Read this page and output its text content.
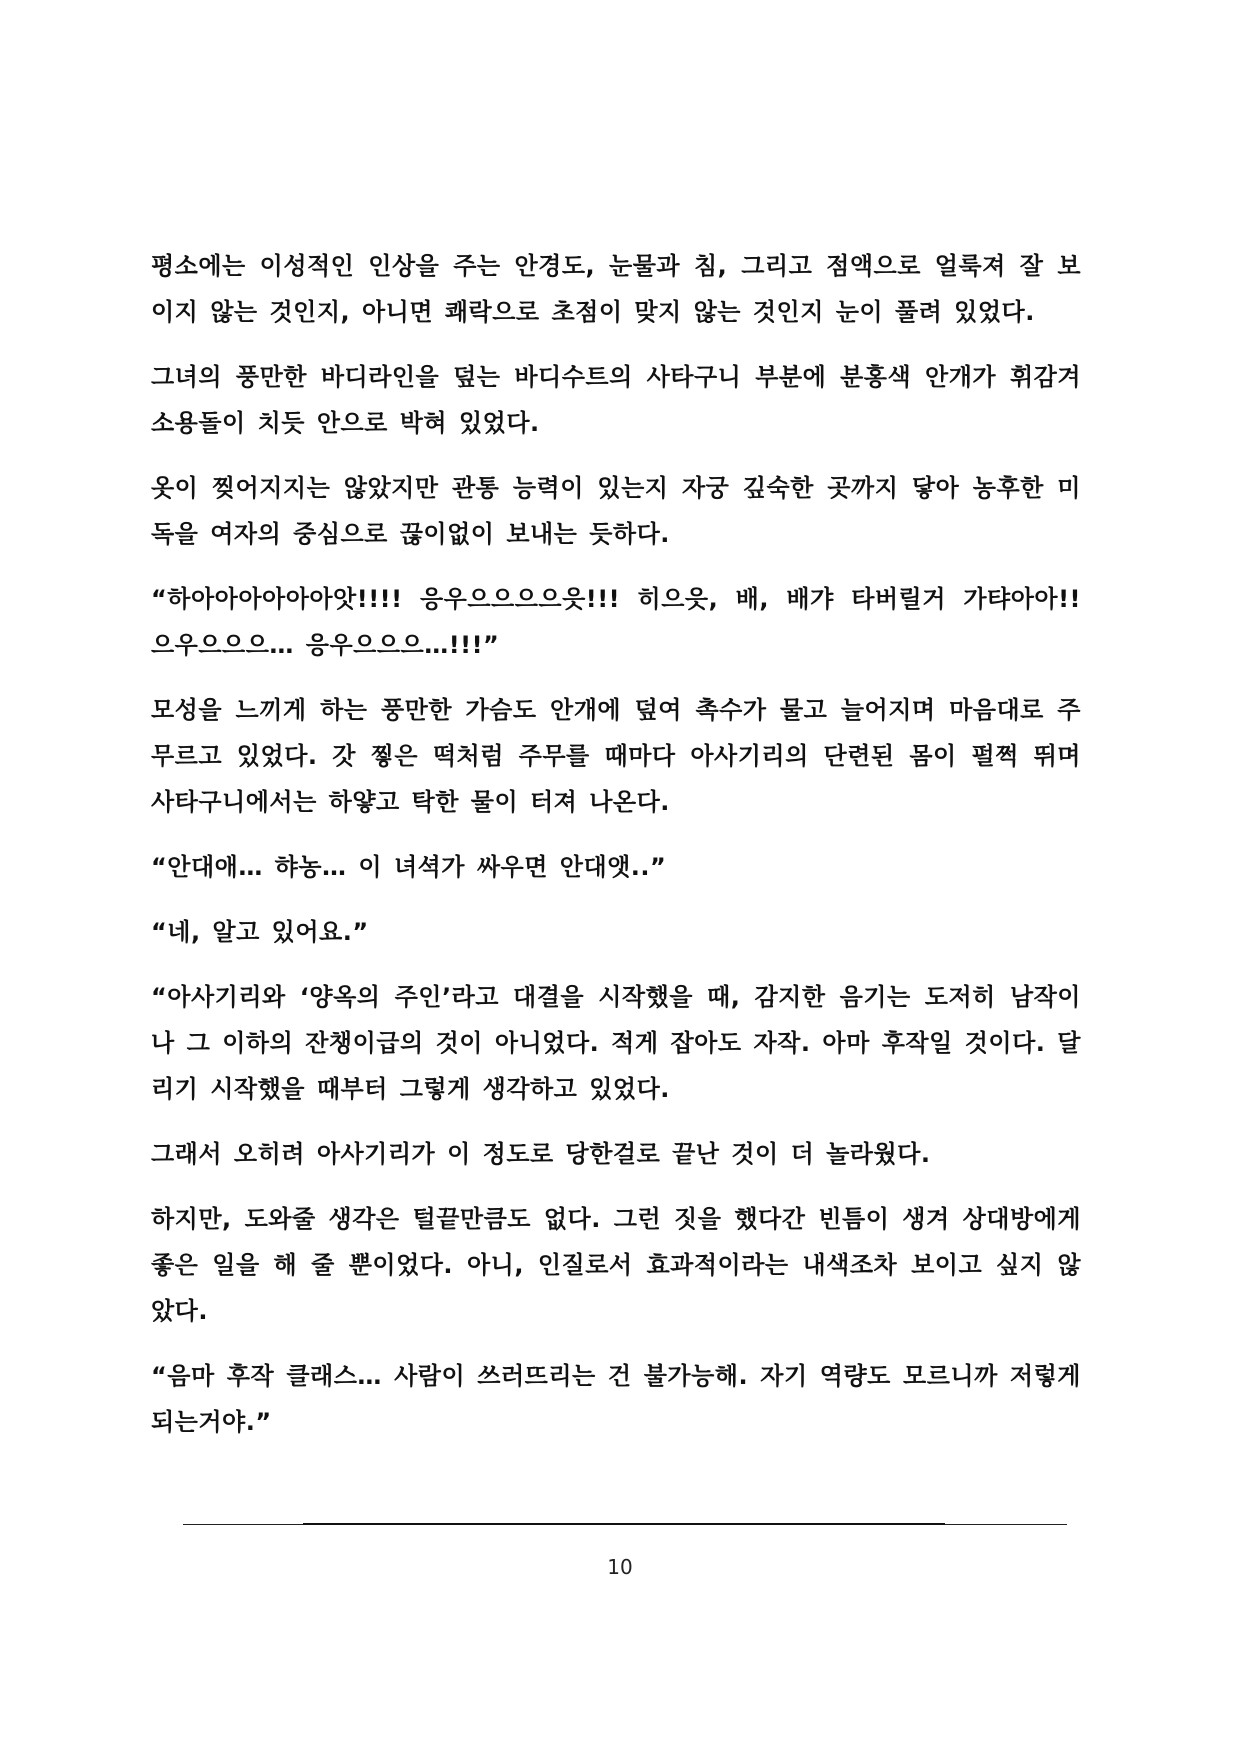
평소에는 이성적인 인상을 주는 안경도, 눈물과 침, 그리고 점액으로 얼룩져 잘 보이지 않는 것인지, 아니면 쾌락으로 초점이 맞지 않는 것인지 눈이 풀려 있었다.

그녀의 풍만한 바디라인을 덮는 바디수트의 사타구니 부분에 분홍색 안개가 휘감겨 소용돌이 치듯 안으로 박혀 있었다.

옷이 찢어지지는 않았지만 관통 능력이 있는지 자궁 깊숙한 곳까지 닿아 농후한 미독을 여자의 중심으로 끊이없이 보내는 듯하다.

“하아아아아아아앗!!!! 응우으으으으읏!!! 히으읏, 배, 배갸 타버릴거 가탸아아!! 으우으으으… 응우으으으…!!!”

모성을 느끼게 하는 풍만한 가슴도 안개에 덮여 촉수가 물고 늘어지며 마음대로 주무르고 있었다. 갓 찧은 떡처럼 주무를 때마다 아사기리의 단련된 몸이 펄쩍 뛰며 사타구니에서는 하얗고 탁한 물이 터져 나온다.

“안대애… 햐농… 이 녀셕가 싸우면 안대앳..”

“네, 알고 있어요.”

“아사기리와 ‘양옥의 주인’라고 대결을 시작했을 때, 감지한 음기는 도저히 남작이나 그 이하의 잔챙이급의 것이 아니었다. 적게 잡아도 자작. 아마 후작일 것이다. 달리기 시작했을 때부터 그렇게 생각하고 있었다.

그래서 오히려 아사기리가 이 정도로 당한걸로 끝난 것이 더 놀라웠다.

하지만, 도와줄 생각은 털끝만큼도 없다. 그런 짓을 했다간 빈틈이 생겨 상대방에게 좋은 일을 해 줄 뿐이었다. 아니, 인질로서 효과적이라는 내색조차 보이고 싶지 않았다.

“음마 후작 클래스… 사람이 쓰러뜨리는 건 불가능해. 자기 역량도 모르니까 저렇게 되는거야.”

10
